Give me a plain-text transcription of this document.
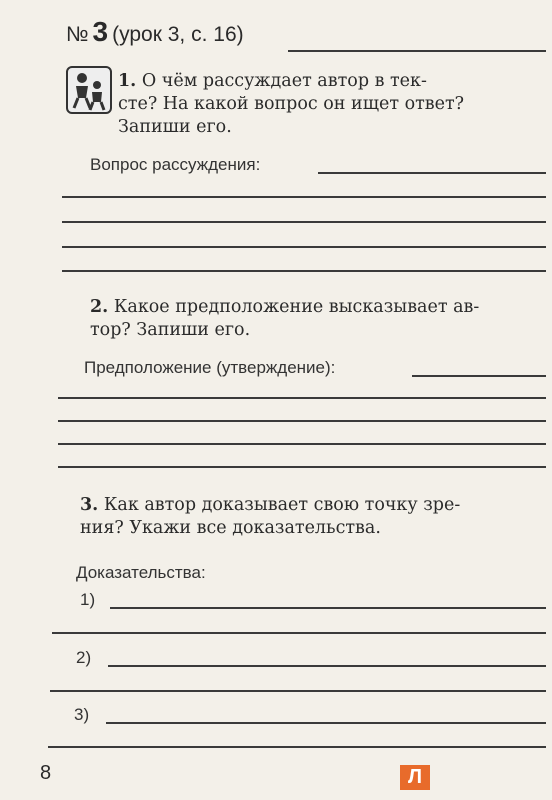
№ 3 (урок 3, с. 16)
1. О чём рассуждает автор в тек-
сте? На какой вопрос он ищет ответ?
Запиши его.
Вопрос рассуждения:
2. Какое предположение высказывает ав-
тор? Запиши его.
Предположение (утверждение):
3. Как автор доказывает свою точку зре-
ния? Укажи все доказательства.
Доказательства:
1)
2)
3)
8	Л
